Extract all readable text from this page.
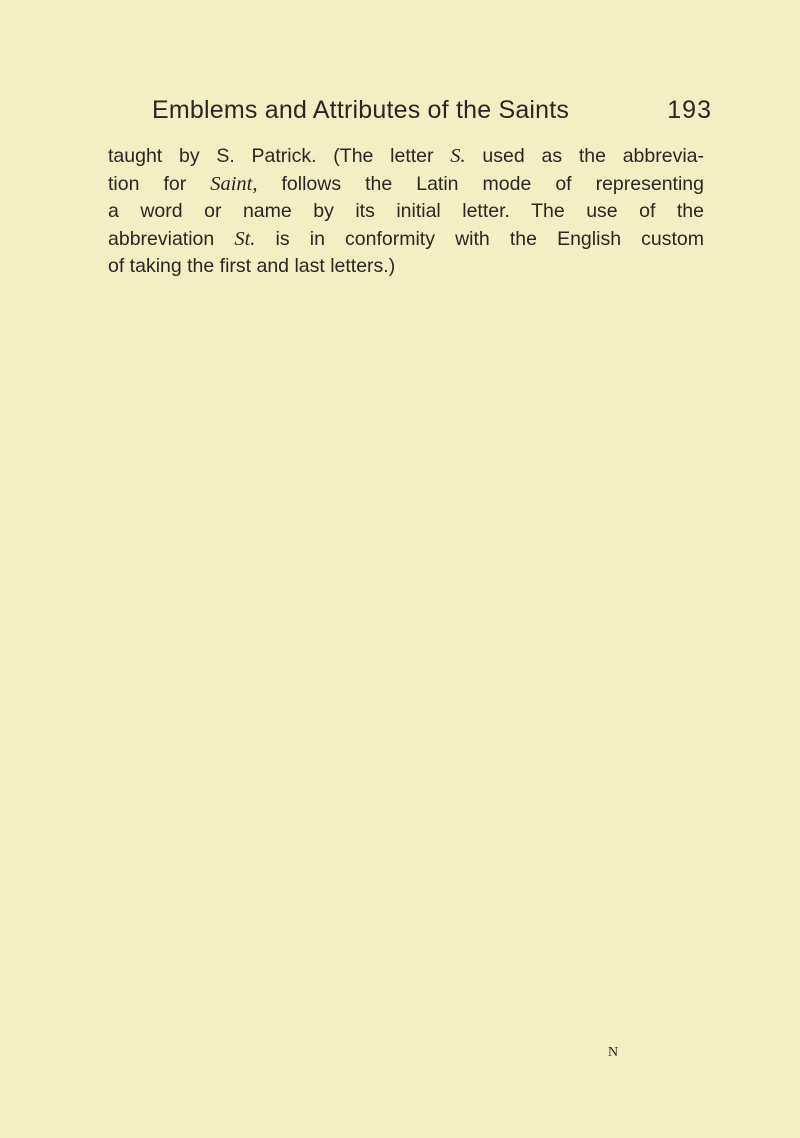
Emblems and Attributes of the Saints	193
taught by S. Patrick. (The letter S. used as the abbrevia-
tion for Saint, follows the Latin mode of representing
a word or name by its initial letter. The use of the
abbreviation St. is in conformity with the English custom
of taking the first and last letters.)
N
